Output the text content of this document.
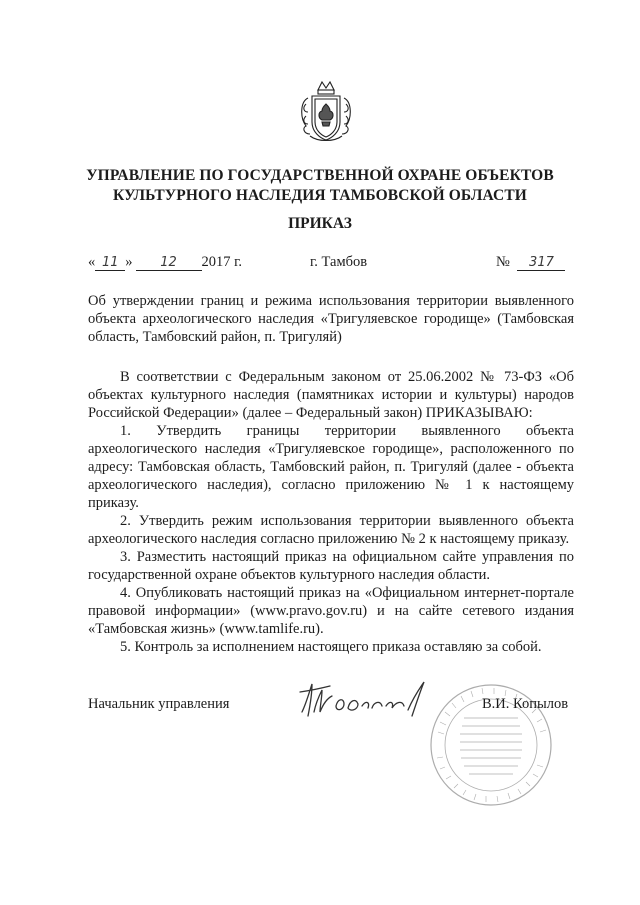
УПРАВЛЕНИЕ ПО ГОСУДАРСТВЕННОЙ ОХРАНЕ ОБЪЕКТОВ
КУЛЬТУРНОГО НАСЛЕДИЯ ТАМБОВСКОЙ ОБЛАСТИ
ПРИКАЗ
« 11 » 12 2017 г.	г. Тамбов	№ 317
Об утверждении границ и режима использования территории выявленного объекта археологического наследия «Тригуляевское городище» (Тамбовская область, Тамбовский район, п. Тригуляй)

В соответствии с Федеральным законом от 25.06.2002 № 73-ФЗ «Об объектах культурного наследия (памятниках истории и культуры) народов Российской Федерации» (далее – Федеральный закон) ПРИКАЗЫВАЮ:

1. Утвердить границы территории выявленного объекта археологического наследия «Тригуляевское городище», расположенного по адресу: Тамбовская область, Тамбовский район, п. Тригуляй (далее - объекта археологического наследия), согласно приложению № 1 к настоящему приказу.

2. Утвердить режим использования территории выявленного объекта археологического наследия согласно приложению № 2 к настоящему приказу.

3. Разместить настоящий приказ на официальном сайте управления по государственной охране объектов культурного наследия области.

4. Опубликовать настоящий приказ на «Официальном интернет-портале правовой информации» (www.pravo.gov.ru) и на сайте сетевого издания «Тамбовская жизнь» (www.tamlife.ru).

5. Контроль за исполнением настоящего приказа оставляю за собой.

Начальник управления	В.И. Копылов
